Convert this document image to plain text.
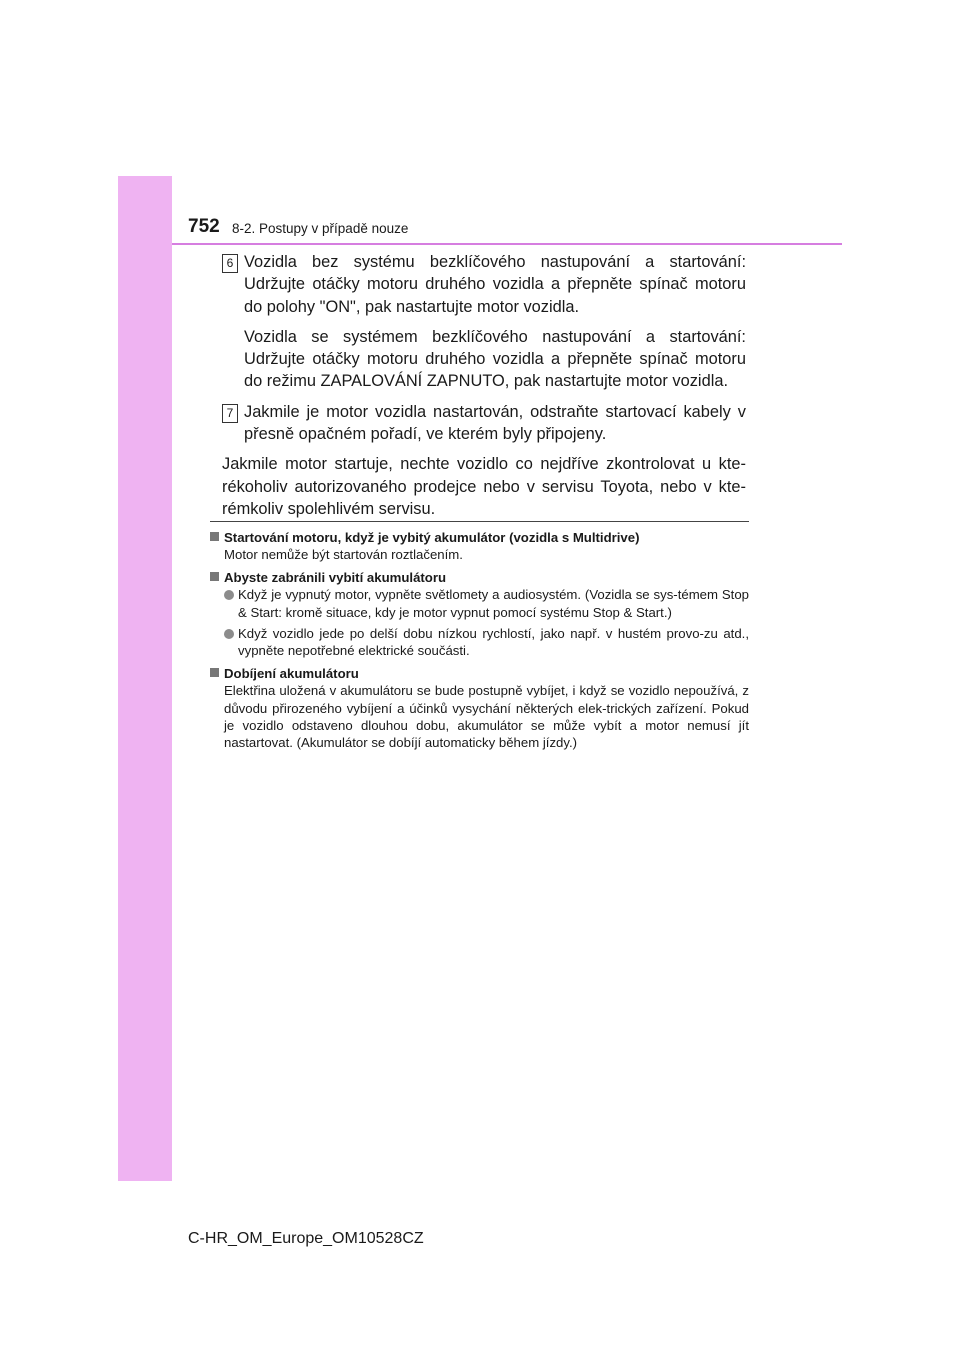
752 8-2. Postupy v případě nouze
6 Vozidla bez systému bezklíčového nastupování a startování: Udržujte otáčky motoru druhého vozidla a přepněte spínač motoru do polohy "ON", pak nastartujte motor vozidla.

Vozidla se systémem bezklíčového nastupování a startování: Udržujte otáčky motoru druhého vozidla a přepněte spínač motoru do režimu ZAPALOVÁNÍ ZAPNUTO, pak nastartujte motor vozidla.

7 Jakmile je motor vozidla nastartován, odstraňte startovací kabely v přesně opačném pořadí, ve kterém byly připojeny.

Jakmile motor startuje, nechte vozidlo co nejdříve zkontrolovat u kte-rékoholiv autorizovaného prodejce nebo v servisu Toyota, nebo v kte-rémkoliv spolehlivém servisu.

Startování motoru, když je vybitý akumulátor (vozidla s Multidrive)
Motor nemůže být startován roztlačením.
Abyste zabránili vybití akumulátoru
Když je vypnutý motor, vypněte světlomety a audiosystém. (Vozidla se sys-témem Stop & Start: kromě situace, kdy je motor vypnut pomocí systému Stop & Start.)
Když vozidlo jede po delší dobu nízkou rychlostí, jako např. v hustém provo-zu atd., vypněte nepotřebné elektrické součásti.
Dobíjení akumulátoru
Elektřina uložená v akumulátoru se bude postupně vybíjet, i když se vozidlo nepoužívá, z důvodu přirozeného vybíjení a účinků vysychání některých elek-trických zařízení. Pokud je vozidlo odstaveno dlouhou dobu, akumulátor se může vybít a motor nemusí jít nastartovat. (Akumulátor se dobíjí automaticky během jízdy.)
C-HR_OM_Europe_OM10528CZ
